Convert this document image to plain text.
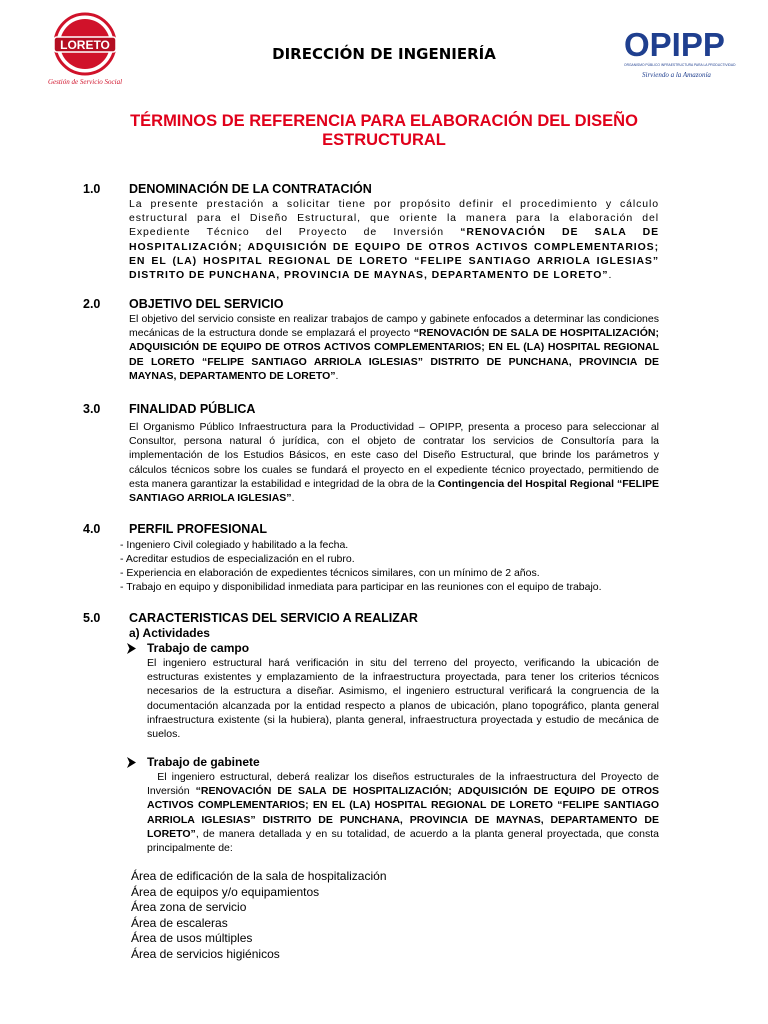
LORETO
Gestión de Servicio Social
DIRECCIÓN DE INGENIERÍA	OPIPP
ORGANISMO PÚBLICO INFRAESTRUCTURA PARA LA PRODUCTIVIDAD
Sirviendo a la Amazonía
TÉRMINOS DE REFERENCIA PARA ELABORACIÓN DEL DISEÑO
ESTRUCTURAL
1.0 DENOMINACIÓN DE LA CONTRATACIÓN

La presente prestación a solicitar tiene por propósito definir el procedimiento y cálculo estructural para el Diseño Estructural, que oriente la manera para la elaboración del Expediente Técnico del Proyecto de Inversión “RENOVACIÓN DE SALA DE HOSPITALIZACIÓN; ADQUISICIÓN DE EQUIPO DE OTROS ACTIVOS COMPLEMENTARIOS; EN EL (LA) HOSPITAL REGIONAL DE LORETO “FELIPE SANTIAGO ARRIOLA IGLESIAS” DISTRITO DE PUNCHANA, PROVINCIA DE MAYNAS, DEPARTAMENTO DE LORETO”.

2.0 OBJETIVO DEL SERVICIO

El objetivo del servicio consiste en realizar trabajos de campo y gabinete enfocados a determinar las condiciones mecánicas de la estructura donde se emplazará el proyecto “RENOVACIÓN DE SALA DE HOSPITALIZACIÓN; ADQUISICIÓN DE EQUIPO DE OTROS ACTIVOS COMPLEMENTARIOS; EN EL (LA) HOSPITAL REGIONAL DE LORETO “FELIPE SANTIAGO ARRIOLA IGLESIAS” DISTRITO DE PUNCHANA, PROVINCIA DE MAYNAS, DEPARTAMENTO DE LORETO”.

3.0 FINALIDAD PÚBLICA

El Organismo Público Infraestructura para la Productividad – OPIPP, presenta a proceso para seleccionar al Consultor, persona natural ó jurídica, con el objeto de contratar los servicios de Consultoría para la implementación de los Estudios Básicos, en este caso del Diseño Estructural, que brinde los parámetros y cálculos técnicos sobre los cuales se fundará el proyecto en el expediente técnico proyectado, permitiendo de esta manera garantizar la estabilidad e integridad de la obra de la Contingencia del Hospital Regional “FELIPE SANTIAGO ARRIOLA IGLESIAS”.

4.0 PERFIL PROFESIONAL
- Ingeniero Civil colegiado y habilitado a la fecha.
- Acreditar estudios de especialización en el rubro.
- Experiencia en elaboración de expedientes técnicos similares, con un mínimo de 2 años.
- Trabajo en equipo y disponibilidad inmediata para participar en las reuniones con el equipo de trabajo.
5.0 CARACTERISTICAS DEL SERVICIO A REALIZAR
a) Actividades
Trabajo de campo

El ingeniero estructural hará verificación in situ del terreno del proyecto, verificando la ubicación de estructuras existentes y emplazamiento de la infraestructura proyectada, para tener los criterios técnicos necesarios de la estructura a diseñar. Asimismo, el ingeniero estructural verificará la congruencia de la documentación alcanzada por la entidad respecto a planos de ubicación, plano topográfico, planta general infraestructura existente (si la hubiera), planta general, infraestructura proyectada y estudio de mecánica de suelos.

Trabajo de gabinete

El ingeniero estructural, deberá realizar los diseños estructurales de la infraestructura del Proyecto de Inversión “RENOVACIÓN DE SALA DE HOSPITALIZACIÓN; ADQUISICIÓN DE EQUIPO DE OTROS ACTIVOS COMPLEMENTARIOS; EN EL (LA) HOSPITAL REGIONAL DE LORETO “FELIPE SANTIAGO ARRIOLA IGLESIAS” DISTRITO DE PUNCHANA, PROVINCIA DE MAYNAS, DEPARTAMENTO DE LORETO”, de manera detallada y en su totalidad, de acuerdo a la planta general proyectada, que consta principalmente de:

Área de edificación de la sala de hospitalización
Área de equipos y/o equipamientos
Área zona de servicio
Área de escaleras
Área de usos múltiples
Área de servicios higiénicos
